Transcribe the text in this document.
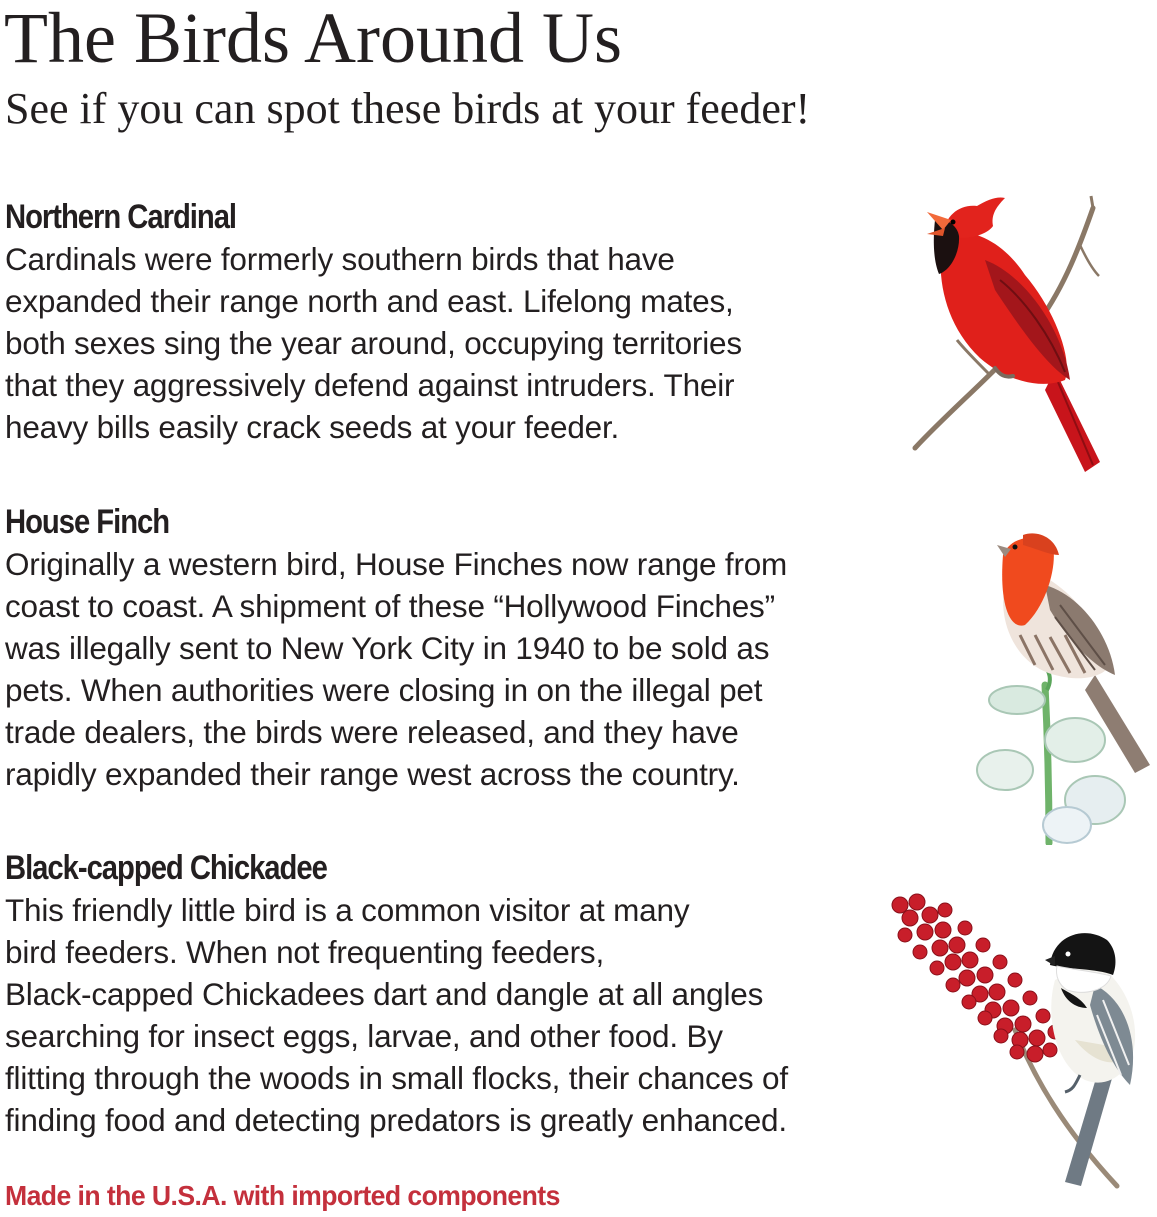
The Birds Around Us
See if you can spot these birds at your feeder!
Northern Cardinal

Cardinals were formerly southern birds that have

expanded their range north and east. Lifelong mates,

both sexes sing the year around, occupying territories

that they aggressively defend against intruders. Their

heavy bills easily crack seeds at your feeder.

House Finch

Originally a western bird, House Finches now range from

coast to coast. A shipment of these “Hollywood Finches”

was illegally sent to New York City in 1940 to be sold as

pets. When authorities were closing in on the illegal pet

trade dealers, the birds were released, and they have

rapidly expanded their range west across the country.

Black-capped Chickadee

This friendly little bird is a common visitor at many

bird feeders. When not frequenting feeders,

Black-capped Chickadees dart and dangle at all angles

searching for insect eggs, larvae, and other food. By

flitting through the woods in small flocks, their chances of

finding food and detecting predators is greatly enhanced.

Made in the U.S.A. with imported components
